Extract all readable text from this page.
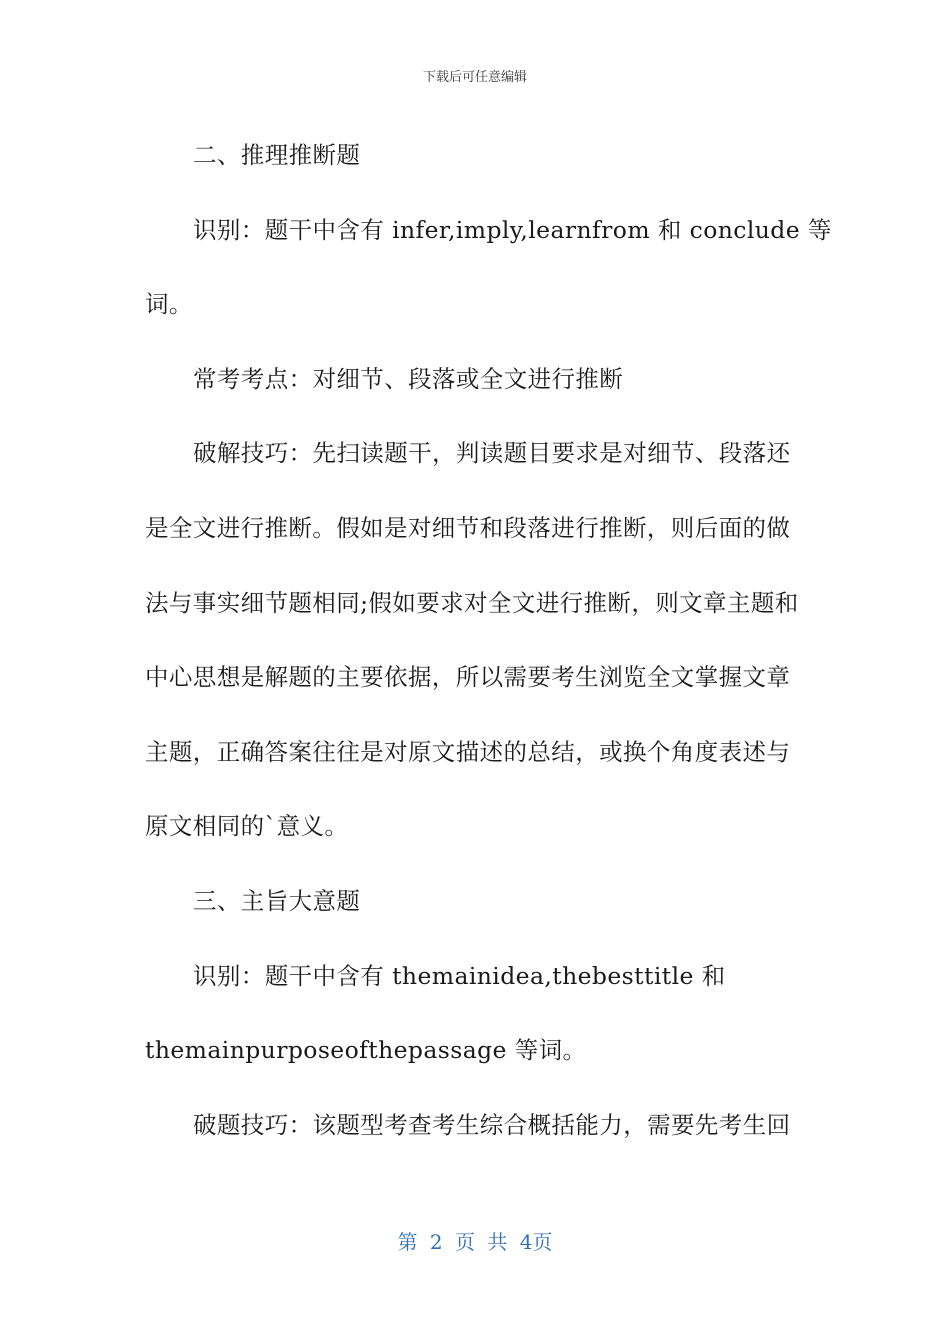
下载后可任意编辑
二、推理推断题
识别：题干中含有 infer,imply,learnfrom 和 conclude 等
词。
常考考点：对细节、段落或全文进行推断
破解技巧：先扫读题干，判读题目要求是对细节、段落还
是全文进行推断。假如是对细节和段落进行推断，则后面的做
法与事实细节题相同;假如要求对全文进行推断，则文章主题和
中心思想是解题的主要依据，所以需要考生浏览全文掌握文章
主题，正确答案往往是对原文描述的总结，或换个角度表述与
原文相同的`意义。
三、主旨大意题
识别：题干中含有 themainidea,thebesttitle 和
themainpurposeofthepassage 等词。
破题技巧：该题型考查考生综合概括能力，需要先考生回
第 2 页 共 4页
